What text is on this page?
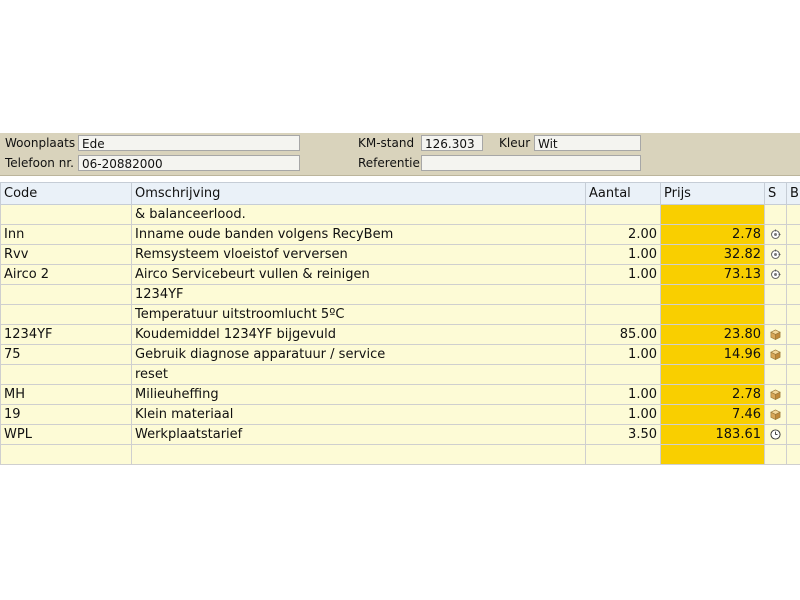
Woonplaats Ede
Telefoon nr. 06-20882000
KM-stand 126.303	Kleur Wit
Referentie
Code	Omschrijving	Aantal	Prijs	S	B
	& balanceerlood.				
Inn	Inname oude banden volgens RecyBem	2.00	2.78		
Rvv	Remsysteem vloeistof verversen	1.00	32.82		
Airco 2	Airco Servicebeurt vullen & reinigen	1.00	73.13		
	1234YF				
	Temperatuur uitstroomlucht 5ºC				
1234YF	Koudemiddel 1234YF bijgevuld	85.00	23.80		
75	Gebruik diagnose apparatuur / service	1.00	14.96		
	reset				
MH	Milieuheffing	1.00	2.78		
19	Klein materiaal	1.00	7.46		
WPL	Werkplaatstarief	3.50	183.61		
